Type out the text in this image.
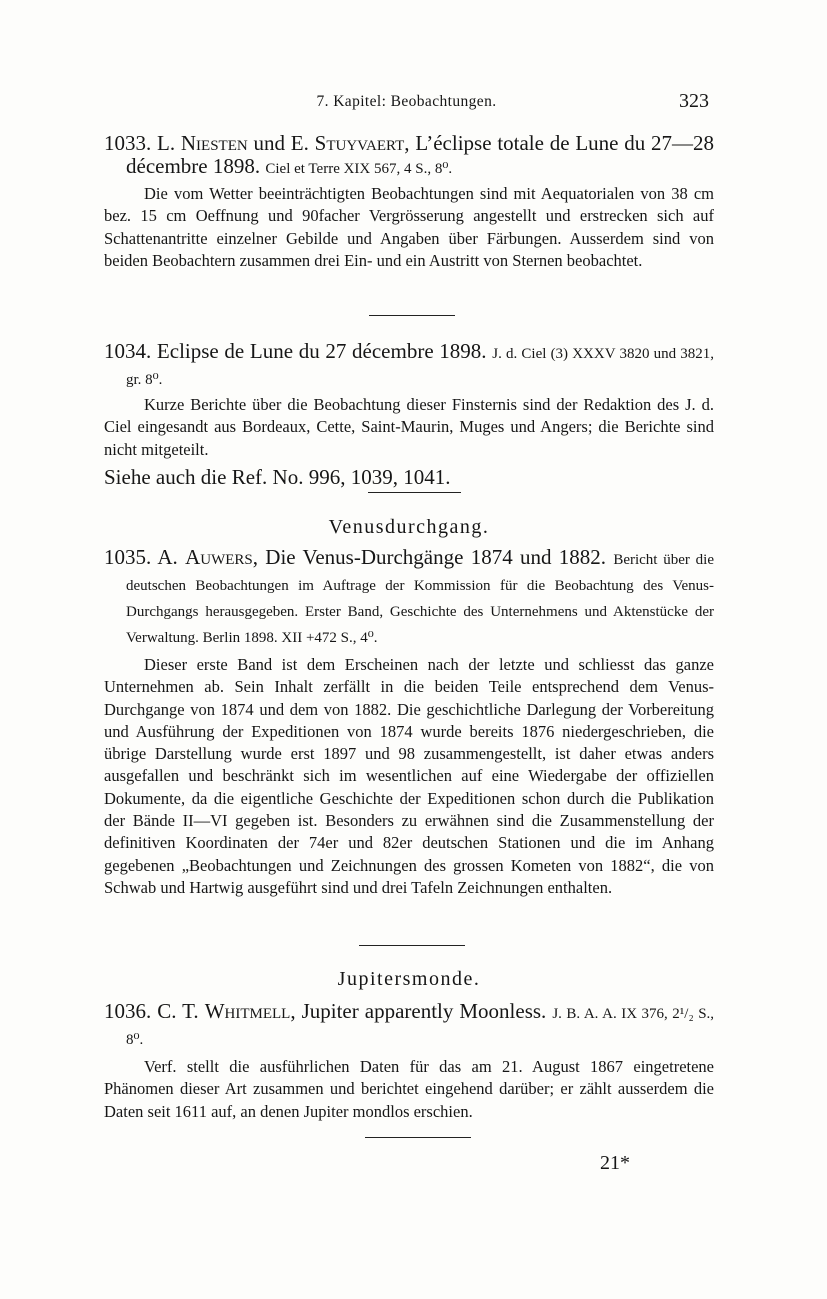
7. Kapitel: Beobachtungen.	323
1033. L. Niesten und E. Stuyvaert, L’éclipse totale de Lune du 27—28 décembre 1898. Ciel et Terre XIX 567, 4 S., 8⁰.

Die vom Wetter beeinträchtigten Beobachtungen sind mit Aequatorialen von 38 cm bez. 15 cm Oeffnung und 90facher Vergrösserung angestellt und erstrecken sich auf Schattenantritte einzelner Gebilde und Angaben über Färbungen. Ausserdem sind von beiden Beobachtern zusammen drei Ein- und ein Austritt von Sternen beobachtet.

1034. Eclipse de Lune du 27 décembre 1898. J. d. Ciel (3) XXXV 3820 und 3821, gr. 8⁰.

Kurze Berichte über die Beobachtung dieser Finsternis sind der Redaktion des J. d. Ciel eingesandt aus Bordeaux, Cette, Saint-Maurin, Muges und Angers; die Berichte sind nicht mitgeteilt.

Siehe auch die Ref. No. 996, 1039, 1041.
Venusdurchgang.
1035. A. Auwers, Die Venus-Durchgänge 1874 und 1882. Bericht über die deutschen Beobachtungen im Auftrage der Kommission für die Beobachtung des Venus-Durchgangs herausgegeben. Erster Band, Geschichte des Unternehmens und Aktenstücke der Verwaltung. Berlin 1898. XII +472 S., 4⁰.

Dieser erste Band ist dem Erscheinen nach der letzte und schliesst das ganze Unternehmen ab. Sein Inhalt zerfällt in die beiden Teile entsprechend dem Venus-Durchgange von 1874 und dem von 1882. Die geschichtliche Darlegung der Vorbereitung und Ausführung der Expeditionen von 1874 wurde bereits 1876 niedergeschrieben, die übrige Darstellung wurde erst 1897 und 98 zusammengestellt, ist daher etwas anders ausgefallen und beschränkt sich im wesentlichen auf eine Wiedergabe der offiziellen Dokumente, da die eigentliche Geschichte der Expeditionen schon durch die Publikation der Bände II—VI gegeben ist. Besonders zu erwähnen sind die Zusammenstellung der definitiven Koordinaten der 74er und 82er deutschen Stationen und die im Anhang gegebenen „Beobachtungen und Zeichnungen des grossen Kometen von 1882“, die von Schwab und Hartwig ausgeführt sind und drei Tafeln Zeichnungen enthalten.

Jupitersmonde.
1036. C. T. Whitmell, Jupiter apparently Moonless. J. B. A. A. IX 376, 2¹/₂ S., 8⁰.

Verf. stellt die ausführlichen Daten für das am 21. August 1867 eingetretene Phänomen dieser Art zusammen und berichtet eingehend darüber; er zählt ausserdem die Daten seit 1611 auf, an denen Jupiter mondlos erschien.

21*
